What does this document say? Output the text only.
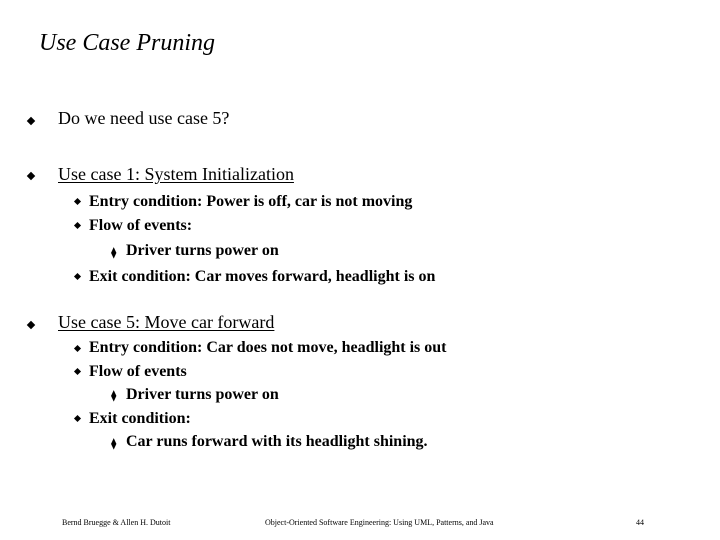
Use Case Pruning
Do we need use case 5?
Use case 1: System Initialization
Entry condition: Power is off, car is not moving
Flow of events:
⧫ Driver turns power on
Exit condition: Car moves forward, headlight is on
Use case 5: Move car forward
Entry condition: Car does not move, headlight is out
Flow of events
⧫ Driver turns power on
Exit condition:
⧫ Car runs forward with its headlight shining.
Bernd Bruegge & Allen H. Dutoit	Object-Oriented Software Engineering: Using UML, Patterns, and Java	44
